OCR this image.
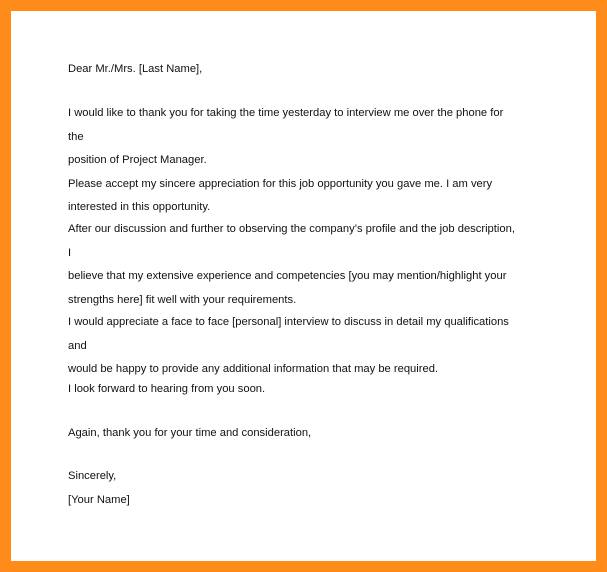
Dear Mr./Mrs. [Last Name],

I would like to thank you for taking the time yesterday to interview me over the phone for the
position of Project Manager.
Please accept my sincere appreciation for this job opportunity you gave me. I am very
interested in this opportunity.

After our discussion and further to observing the company’s profile and the job description, I
believe that my extensive experience and competencies [you may mention/highlight your
strengths here] fit well with your requirements.

I would appreciate a face to face [personal] interview to discuss in detail my qualifications and
would be happy to provide any additional information that may be required.

I look forward to hearing from you soon.

Again, thank you for your time and consideration,

Sincerely,

[Your Name]
